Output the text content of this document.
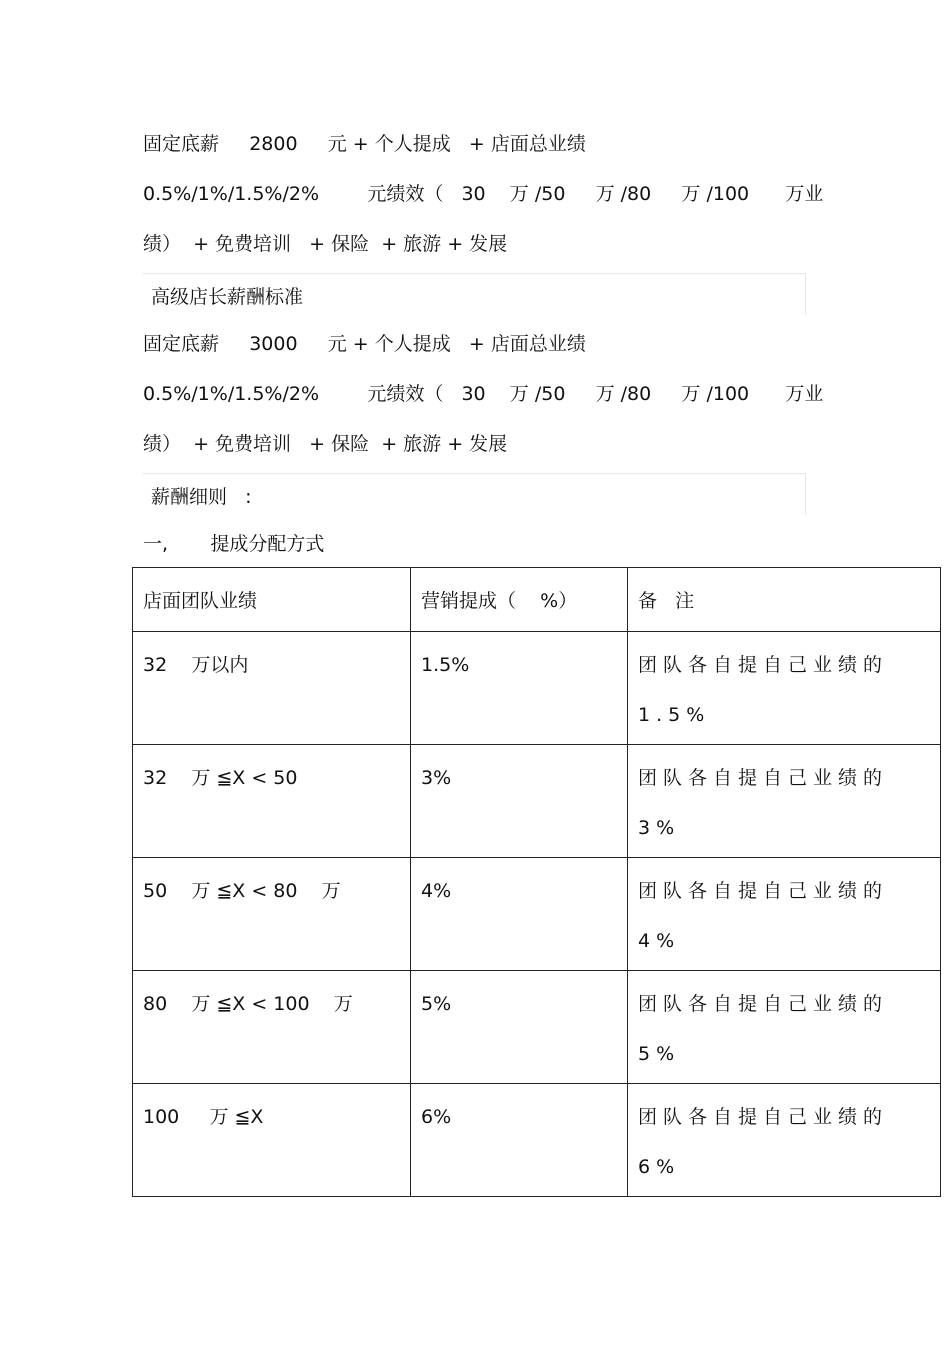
固定底薪     2800     元 + 个人提成   + 店面总业绩
0.5%/1%/1.5%/2%        元绩效（   30    万 /50     万 /80     万 /100      万业
绩）  + 免费培训   + 保险  + 旅游 + 发展
高级店长薪酬标准
固定底薪     3000     元 + 个人提成   + 店面总业绩
0.5%/1%/1.5%/2%        元绩效（   30    万 /50     万 /80     万 /100      万业
绩）  + 免费培训   + 保险  + 旅游 + 发展
薪酬细则   :
一,       提成分配方式
店面团队业绩	营销提成（    %）	备   注

32    万以内	1.5%	团队各自提自己业绩的 1.5%

32    万 ≦X < 50	3%	团队各自提自己业绩的 3%

50    万 ≦X < 80    万	4%	团队各自提自己业绩的 4%

80    万 ≦X < 100    万	5%	团队各自提自己业绩的 5%

100     万 ≦X	6%	团队各自提自己业绩的 6%
